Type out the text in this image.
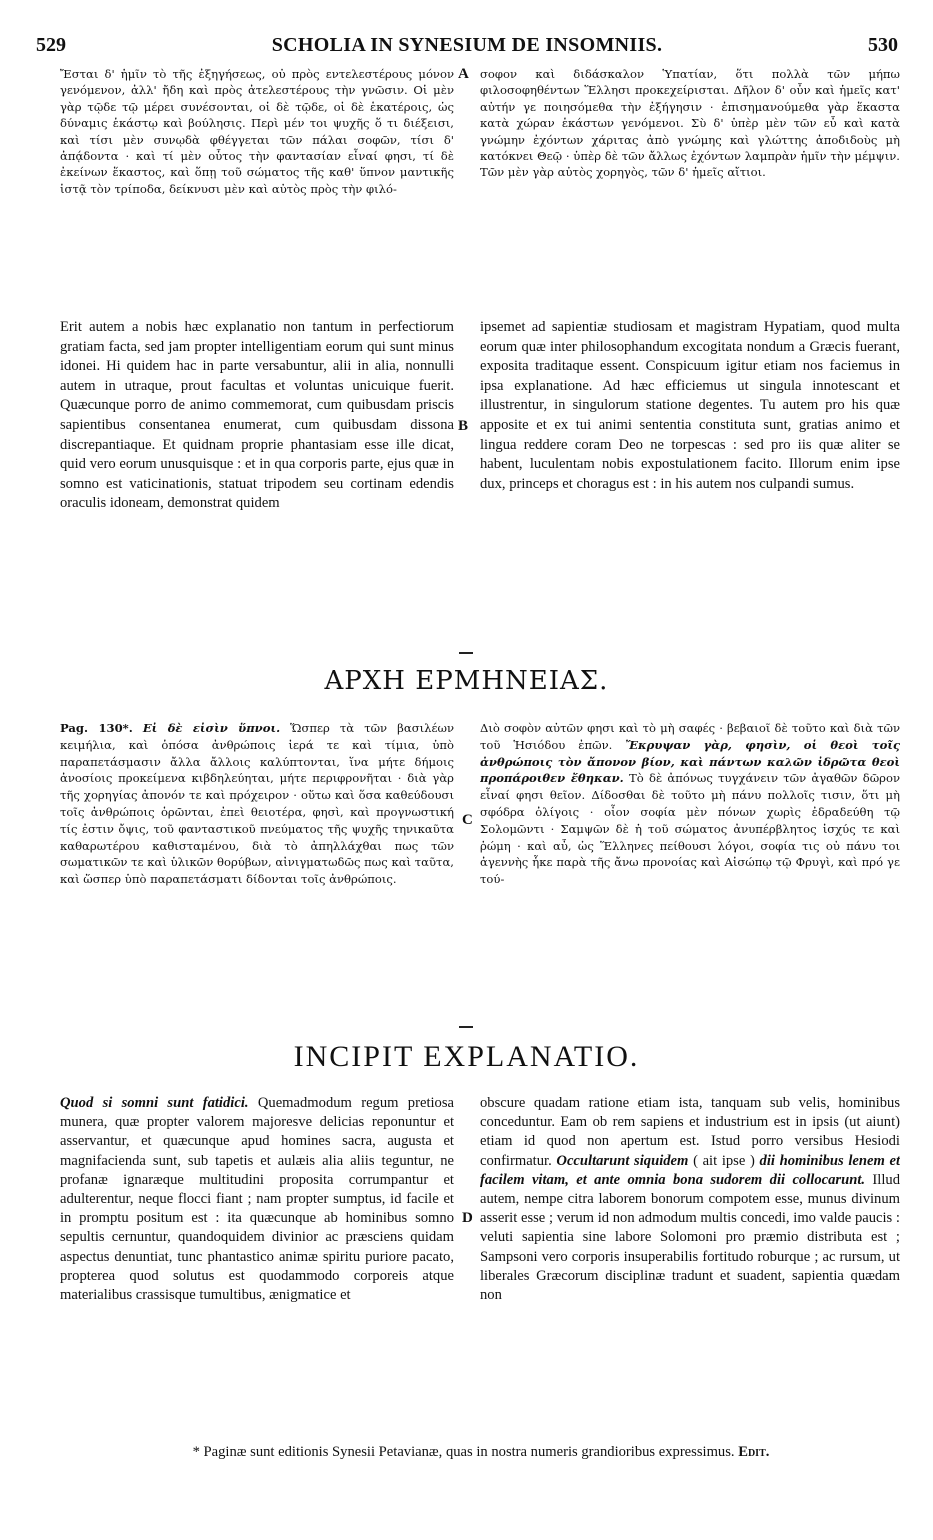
529	SCHOLIA IN SYNESIUM DE INSOMNIIS.	530
Ἔσται δ' ἡμῖν τὸ τῆς ἐξηγήσεως, οὐ πρὸς εντελεστέρους μόνον γενόμενον, ἀλλ' ἤδη καὶ πρὸς ἀτελεστέρους τὴν γνῶσιν. Οἱ μὲν γὰρ τῷδε τῷ μέρει συνέσονται, οἱ δὲ τῷδε, οἱ δὲ ἑκατέροις, ὡς δύναμις ἑκάστῳ καὶ βούλησις. Περὶ μέν τοι ψυχῆς ὅ τι διέξεισι, καὶ τίσι μὲν συνῳδὰ φθέγγεται τῶν πάλαι σοφῶν, τίσι δ' ἀπᾴδοντα · καὶ τί μὲν οὗτος τὴν φαντασίαν εἶναί φησι, τί δὲ ἐκείνων ἕκαστος, καὶ ὅπῃ τοῦ σώματος τῆς καθ' ὕπνον μαντικῆς ἱστᾷ τὸν τρίποδα, δείκνυσι μὲν καὶ αὐτὸς πρὸς τὴν φιλό-
σοφον καὶ διδάσκαλον Ὑπατίαν, ὅτι πολλὰ τῶν μήπω φιλοσοφηθέντων Ἕλλησι προκεχείρισται. Δῆλον δ' οὖν καὶ ἡμεῖς κατ' αὐτήν γε ποιησόμεθα τὴν ἐξήγησιν · ἐπισημανούμεθα γὰρ ἕκαστα κατὰ χώραν ἑκάστων γενόμενοι. Σὺ δ' ὑπὲρ μὲν τῶν εὖ καὶ κατὰ γνώμην ἐχόντων χάριτας ἀπὸ γνώμης καὶ γλώττης ἀποδιδοὺς μὴ κατόκνει Θεῷ · ὑπὲρ δὲ τῶν ἄλλως ἐχόντων λαμπρὰν ἡμῖν τὴν μέμψιν. Τῶν μὲν γὰρ αὐτὸς χορηγὸς, τῶν δ' ἡμεῖς αἴτιοι.
A
Erit autem a nobis hæc explanatio non tantum in perfectiorum gratiam facta, sed jam propter intelligentiam eorum qui sunt minus idonei. Hi quidem hac in parte versabuntur, alii in alia, nonnulli autem in utraque, prout facultas et voluntas unicuique fuerit. Quæcunque porro de animo commemorat, cum quibusdam priscis sapientibus consentanea enumerat, cum quibusdam dissona discrepantiaque. Et quidnam proprie phantasiam esse ille dicat, quid vero eorum unusquisque : et in qua corporis parte, ejus quæ in somno est vaticinationis, statuat tripodem seu cortinam edendis oraculis idoneam, demonstrat quidem
ipsemet ad sapientiæ studiosam et magistram Hypatiam, quod multa eorum quæ inter philosophandum excogitata nondum a Græcis fuerant, exposita traditaque essent. Conspicuum igitur etiam nos faciemus in ipsa explanatione. Ad hæc efficiemus ut singula innotescant et illustrentur, in singulorum statione degentes. Tu autem pro his quæ apposite et ex tui animi sententia constituta sunt, gratias animo et lingua reddere coram Deo ne torpescas : sed pro iis quæ aliter se habent, luculentam nobis expostulationem facito. Illorum enim ipse dux, princeps et choragus est : in his autem nos culpandi sumus.
B
ΑΡΧΗ ΕΡΜΗΝΕΙΑΣ.
Pag. 130*. Εἰ δὲ εἰσὶν ὕπνοι. Ὥσπερ τὰ τῶν βασιλέων κειμήλια, καὶ ὁπόσα ἀνθρώποις ἱερά τε καὶ τίμια, ὑπὸ παραπετάσμασιν ἄλλα ἄλλοις καλύπτονται, ἵνα μήτε δήμοις ἀνοσίοις προκείμενα κιβδηλεύηται, μήτε περιφρονῆται · διὰ γὰρ τῆς χορηγίας ἀπονόν τε καὶ πρόχειρον · οὕτω καὶ ὅσα καθεύδουσι τοῖς ἀνθρώποις ὁρῶνται, ἐπεὶ θειοτέρα, φησὶ, καὶ προγνωστική τίς ἐστιν ὄψις, τοῦ φανταστικοῦ πνεύματος τῆς ψυχῆς τηνικαῦτα καθαρωτέρου καθισταμένου, διὰ τὸ ἀπηλλάχθαι πως τῶν σωματικῶν τε καὶ ὑλικῶν θορύβων, αἰνιγματωδῶς πως καὶ ταῦτα, καὶ ὥσπερ ὑπὸ παραπετάσματι δίδονται τοῖς ἀνθρώποις.
Διὸ σοφὸν αὐτῶν φησι καὶ τὸ μὴ σαφές · βεβαιοῖ δὲ τοῦτο καὶ διὰ τῶν τοῦ Ἡσιόδου ἐπῶν. Ἔκρυψαν γὰρ, φησὶν, οἱ θεοὶ τοῖς ἀνθρώποις τὸν ἄπονον βίον, καὶ πάντων καλῶν ἰδρῶτα θεοὶ προπάροιθεν ἔθηκαν. Τὸ δὲ ἀπόνως τυγχάνειν τῶν ἀγαθῶν δῶρον εἶναί φησι θεῖον. Δίδοσθαι δὲ τοῦτο μὴ πάνυ πολλοῖς τισιν, ὅτι μὴ σφόδρα ὀλίγοις · οἷον σοφία μὲν πόνων χωρὶς ἐδραδεύθη τῷ Σολομῶντι · Σαμψῶν δὲ ἡ τοῦ σώματος ἀνυπέρβλητος ἰσχύς τε καὶ ῥώμη · καὶ αὖ, ὡς Ἕλληνες πείθουσι λόγοι, σοφία τις οὐ πάνυ τοι ἀγεννὴς ἧκε παρὰ τῆς ἄνω προνοίας καὶ Αἰσώπῳ τῷ Φρυγὶ, καὶ πρό γε τού-
C
INCIPIT EXPLANATIO.
Quod si somni sunt fatidici. Quemadmodum regum pretiosa munera, quæ propter valorem majoresve delicias reponuntur et asservantur, et quæcunque apud homines sacra, augusta et magnifacienda sunt, sub tapetis et aulæis alia aliis teguntur, ne profanæ ignaræque multitudini proposita corrumpantur et adulterentur, neque flocci fiant ; nam propter sumptus, id facile et in promptu positum est : ita quæcunque ab hominibus somno sepultis cernuntur, quandoquidem divinior ac præsciens quidam aspectus denuntiat, tunc phantastico animæ spiritu puriore pacato, propterea quod solutus est quodammodo corporeis atque materialibus crassisque tumultibus, ænigmatice et
obscure quadam ratione etiam ista, tanquam sub velis, hominibus conceduntur. Eam ob rem sapiens et industrium est in ipsis (ut aiunt) etiam id quod non apertum est. Istud porro versibus Hesiodi confirmatur. Occultarunt siquidem ( ait ipse ) dii hominibus lenem et facilem vitam, et ante omnia bona sudorem dii collocarunt. Illud autem, nempe citra laborem bonorum compotem esse, munus divinum asserit esse ; verum id non admodum multis concedi, imo valde paucis : veluti sapientia sine labore Solomoni pro præmio distributa est ; Sampsoni vero corporis insuperabilis fortitudo roburque ; ac rursum, ut liberales Græcorum disciplinæ tradunt et suadent, sapientia quædam non
D
* Paginæ sunt editionis Synesii Petavianæ, quas in nostra numeris grandioribus expressimus. Edit.
